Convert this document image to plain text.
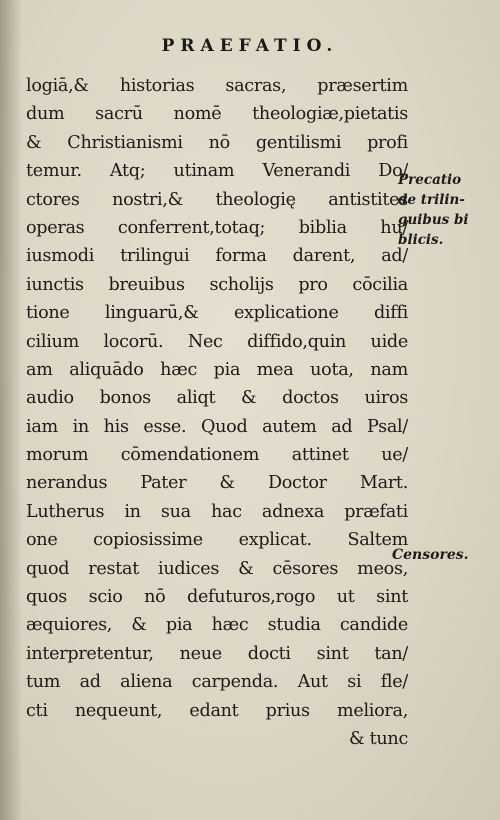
PRAEFATIO.
logiā,& historias sacras, præsertim
dum sacrū nomē theologiæ,pietatis
& Christianismi nō gentilismi profi
temur. Atq; utinam Venerandi Do/
ctores nostri,& theologię antistites
operas conferrent,totaq; biblia hu/
iusmodi trilingui forma darent, ad/
iunctis breuibus scholijs pro cōcilia
tione linguarū,& explicatione diffi
cilium locorū. Nec diffido,quin uide
am aliquādo hæc pia mea uota, nam
audio bonos aliqt & doctos uiros
iam in his esse. Quod autem ad Psal/
morum cōmendationem attinet ue/
nerandus Pater & Doctor Mart.
Lutherus in sua hac adnexa præfati
one copiosissime explicat. Saltem
quod restat iudices & cēsores meos,
quos scio nō defuturos,rogo ut sint
æquiores, & pia hæc studia candide
interpretentur, neue docti sint tan/
tum ad aliena carpenda. Aut si fle/
cti nequeunt, edant prius meliora,
& tunc
Precatio
de trilin-
guibus bi
blicis.
Censores.
